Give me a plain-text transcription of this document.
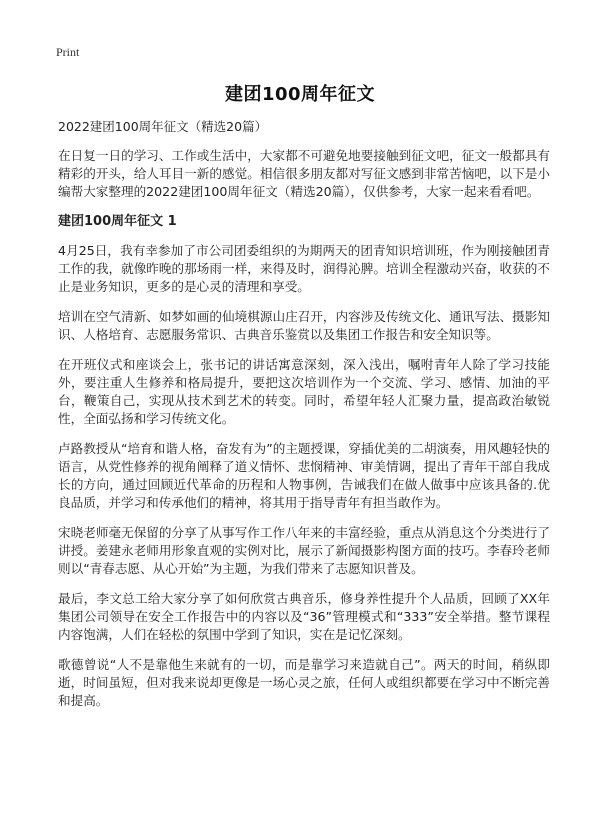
Print
建团100周年征文
2022建团100周年征文（精选20篇）

在日复一日的学习、工作或生活中，大家都不可避免地要接触到征文吧，征文一般都具有精彩的开头，给人耳目一新的感觉。相信很多朋友都对写征文感到非常苦恼吧，以下是小编帮大家整理的2022建团100周年征文（精选20篇），仅供参考，大家一起来看看吧。

建团100周年征文 1

4月25日，我有幸参加了市公司团委组织的为期两天的团青知识培训班，作为刚接触团青工作的我，就像昨晚的那场雨一样，来得及时，润得沁脾。培训全程激动兴奋，收获的不止是业务知识，更多的是心灵的清理和享受。

培训在空气清新、如梦如画的仙境棋源山庄召开，内容涉及传统文化、通讯写法、摄影知识、人格培育、志愿服务常识、古典音乐鉴赏以及集团工作报告和安全知识等。

在开班仪式和座谈会上，张书记的讲话寓意深刻，深入浅出，嘱咐青年人除了学习技能外，要注重人生修养和格局提升，要把这次培训作为一个交流、学习、感情、加油的平台，鞭策自己，实现从技术到艺术的转变。同时，希望年轻人汇聚力量，提高政治敏锐性，全面弘扬和学习传统文化。

卢路教授从“培育和谐人格，奋发有为”的主题授课，穿插优美的二胡演奏，用风趣轻快的语言，从党性修养的视角阐释了道义情怀、悲悯精神、审美情调，提出了青年干部自我成长的方向，通过回顾近代革命的历程和人物事例，告诫我们在做人做事中应该具备的.优良品质，并学习和传承他们的精神，将其用于指导青年有担当敢作为。

宋晓老师毫无保留的分享了从事写作工作八年来的丰富经验，重点从消息这个分类进行了讲授。姜建永老师用形象直观的实例对比，展示了新闻摄影构图方面的技巧。李春玲老师则以“青春志愿、从心开始”为主题，为我们带来了志愿知识普及。

最后，李文总工给大家分享了如何欣赏古典音乐，修身养性提升个人品质，回顾了XX年集团公司领导在安全工作报告中的内容以及“36”管理模式和“333”安全举措。整节课程内容饱满，人们在轻松的氛围中学到了知识，实在是记忆深刻。

歌德曾说“人不是靠他生来就有的一切，而是靠学习来造就自己”。两天的时间，稍纵即逝，时间虽短，但对我来说却更像是一场心灵之旅，任何人或组织都要在学习中不断完善和提高。
